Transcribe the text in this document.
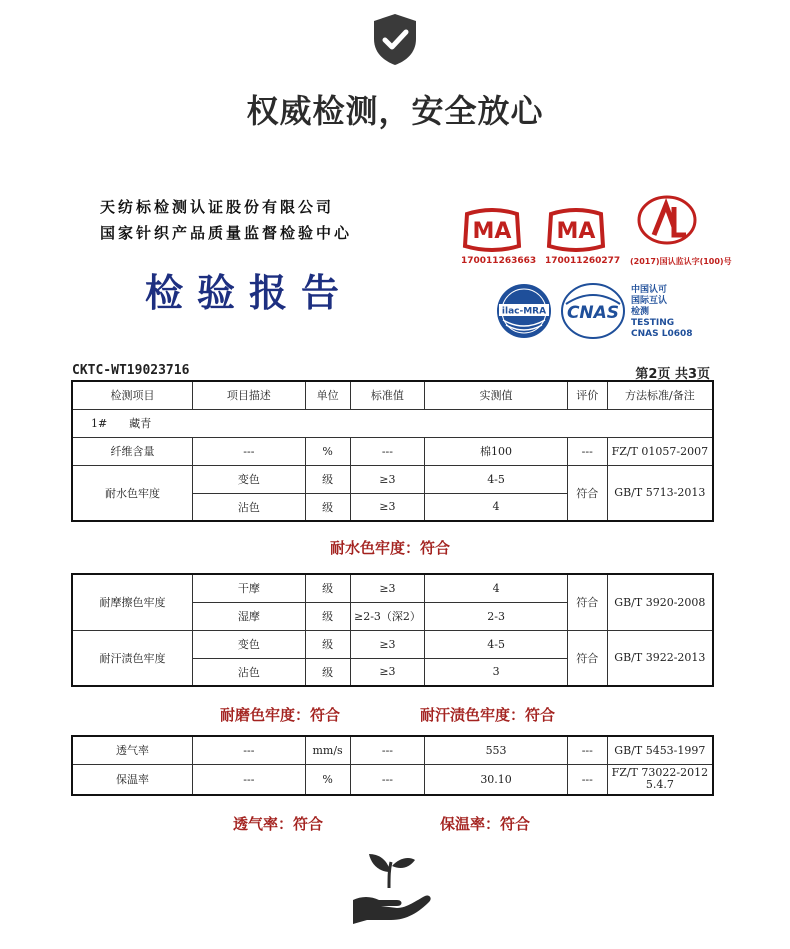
权威检测，安全放心
天纺标检测认证股份有限公司
国家针织产品质量监督检验中心
检验报告
MA
170011263663
MA
170011260277 (2017)国认监认字(100)号
ilac-MRA CNAS
中国认可
国际互认
检测
TESTING
CNAS L0608
CKTC-WT19023716	第2页 共3页
检测项目	项目描述	单位	标准值	实测值	评价	方法标准/备注
1# 藏青						
纤维含量	---	%	---	棉100	---	FZ/T 01057-2007
耐水色牢度	变色	级	≥3	4-5	符合	GB/T 5713-2013
	沾色	级	≥3	4		
耐水色牢度：符合
耐摩擦色牢度	干摩	级	≥3	4	符合	GB/T 3920-2008
	湿摩	级	≥2-3（深2）	2-3		
耐汗渍色牢度	变色	级	≥3	4-5	符合	GB/T 3922-2013
	沾色	级	≥3	3		
耐磨色牢度：符合	耐汗渍色牢度：符合
透气率	---	mm/s	---	553	---	GB/T 5453-1997
保温率	---	%	---	30.10	---	FZ/T 73022-2012
5.4.7
透气率：符合	保温率：符合
